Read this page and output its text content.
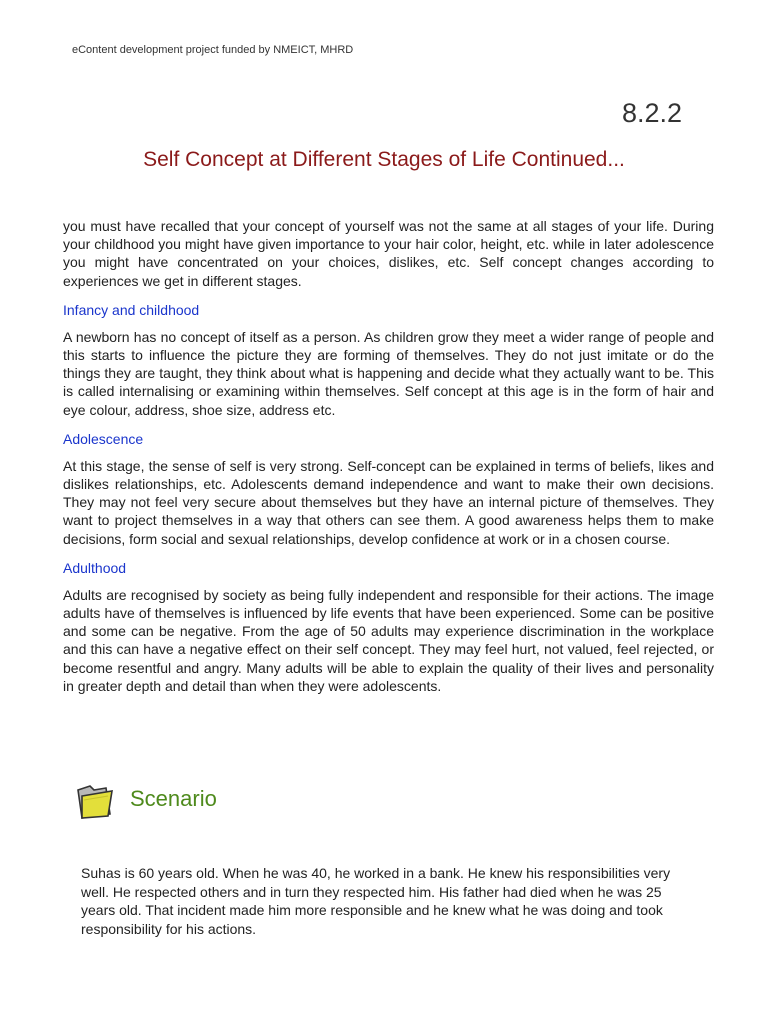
eContent development project funded by NMEICT, MHRD
8.2.2
Self Concept at Different Stages of Life Continued...

you must have recalled that your concept of yourself was not the same at all stages of your life. During your childhood you might have given importance to your hair color, height, etc. while in later adolescence you might have concentrated on your choices, dislikes, etc. Self concept changes according to experiences we get in different stages.

Infancy and childhood

A newborn has no concept of itself as a person. As children grow they meet a wider range of people and this starts to influence the picture they are forming of themselves. They do not just imitate or do the things they are taught, they think about what is happening and decide what they actually want to be. This is called internalising or examining within themselves. Self concept at this age is in the form of hair and eye colour, address, shoe size, address etc.

Adolescence

At this stage, the sense of self is very strong. Self-concept can be explained in terms of beliefs, likes and dislikes relationships, etc. Adolescents demand independence and want to make their own decisions. They may not feel very secure about themselves but they have an internal picture of themselves. They want to project themselves in a way that others can see them. A good awareness helps them to make decisions, form social and sexual relationships, develop confidence at work or in a chosen course.

Adulthood

Adults are recognised by society as being fully independent and responsible for their actions. The image adults have of themselves is influenced by life events that have been experienced. Some can be positive and some can be negative. From the age of 50 adults may experience discrimination in the workplace and this can have a negative effect on their self concept. They may feel hurt, not valued, feel rejected, or become resentful and angry. Many adults will be able to explain the quality of their lives and personality in greater depth and detail than when they were adolescents.

Scenario

Suhas is 60 years old. When he was 40, he worked in a bank. He knew his responsibilities very well. He respected others and in turn they respected him. His father had died when he was 25 years old. That incident made him more responsible and he knew what he was doing and took responsibility for his actions.
